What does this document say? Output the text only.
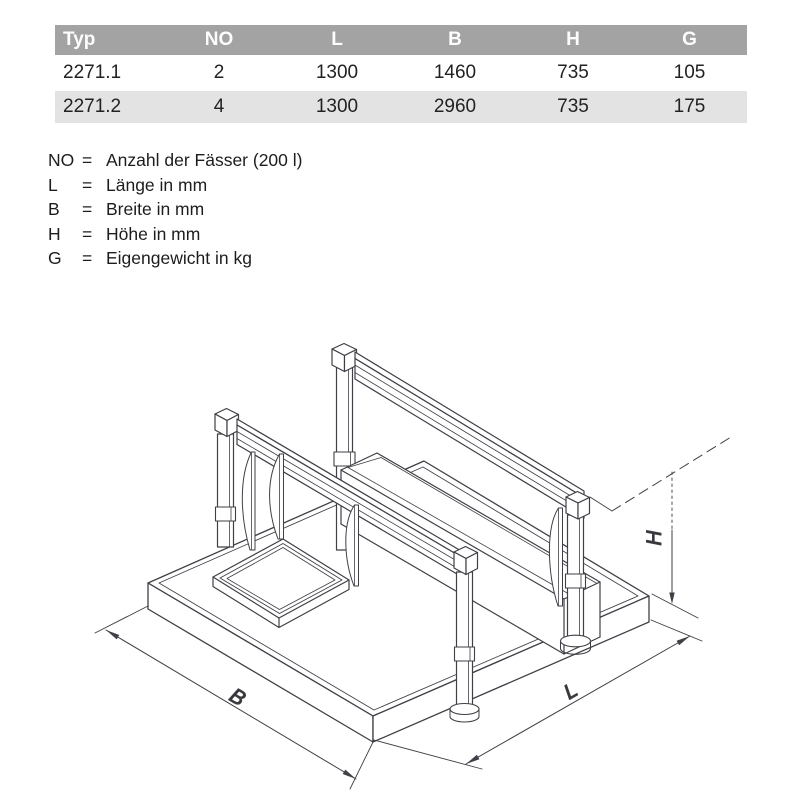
Typ	NO	L	B	H	G
2271.1	2	1300	1460	735	105
2271.2	4	1300	2960	735	175
NO = Anzahl der Fässer (200 l)
L	= Länge in mm
B	= Breite in mm
H	= Höhe in mm
G	= Eigengewicht in kg
B	L
H
